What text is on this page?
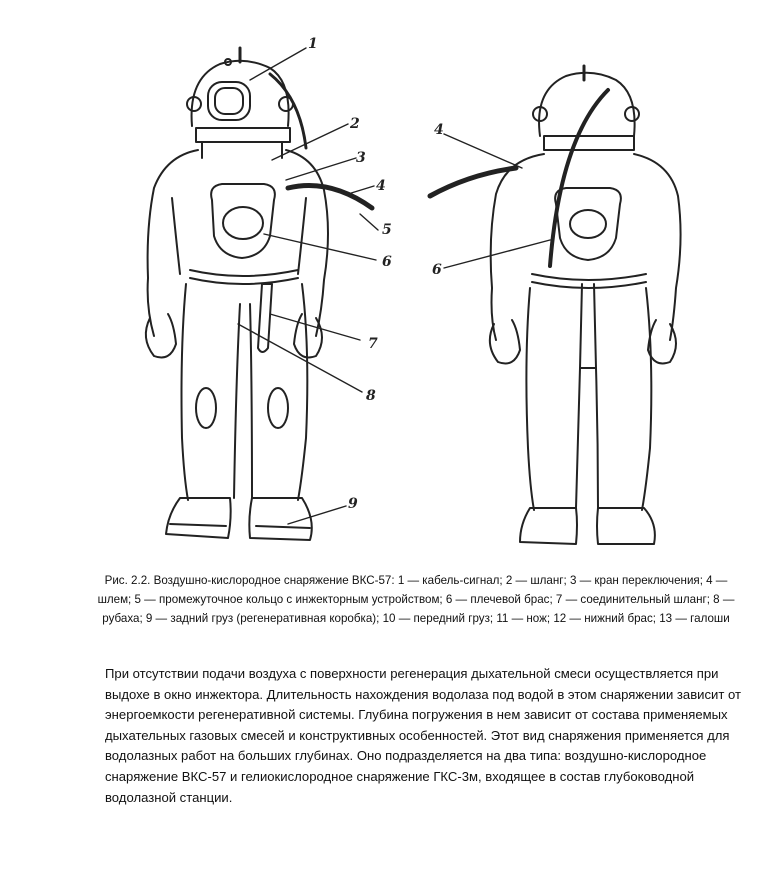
1
2
3
4
5
6
7
8
9
4
6
Рис. 2.2. Воздушно-кислородное снаряжение ВКС-57: 1 — кабель-сигнал; 2 — шланг; 3 — кран переключения; 4 — шлем; 5 — промежуточное кольцо с инжекторным устройством; 6 — плечевой брас; 7 — соединительный шланг; 8 — рубаха; 9 — задний груз (регенеративная коробка); 10 — передний груз; 11 — нож; 12 — нижний брас; 13 — галоши

При отсутствии подачи воздуха с поверхности регенерация дыхательной смеси осуществляется при выдохе в окно инжектора. Длительность нахождения водолаза под водой в этом снаряжении зависит от энергоемкости регенеративной системы. Глубина погружения в нем зависит от состава применяемых дыхательных газовых смесей и конструктивных особенностей. Этот вид снаряжения применяется для водолазных работ на больших глубинах. Оно подразделяется на два типа: воздушно-кислородное снаряжение ВКС-57 и гелиокислородное снаряжение ГКС-3м, входящее в состав глубоководной водолазной станции.
